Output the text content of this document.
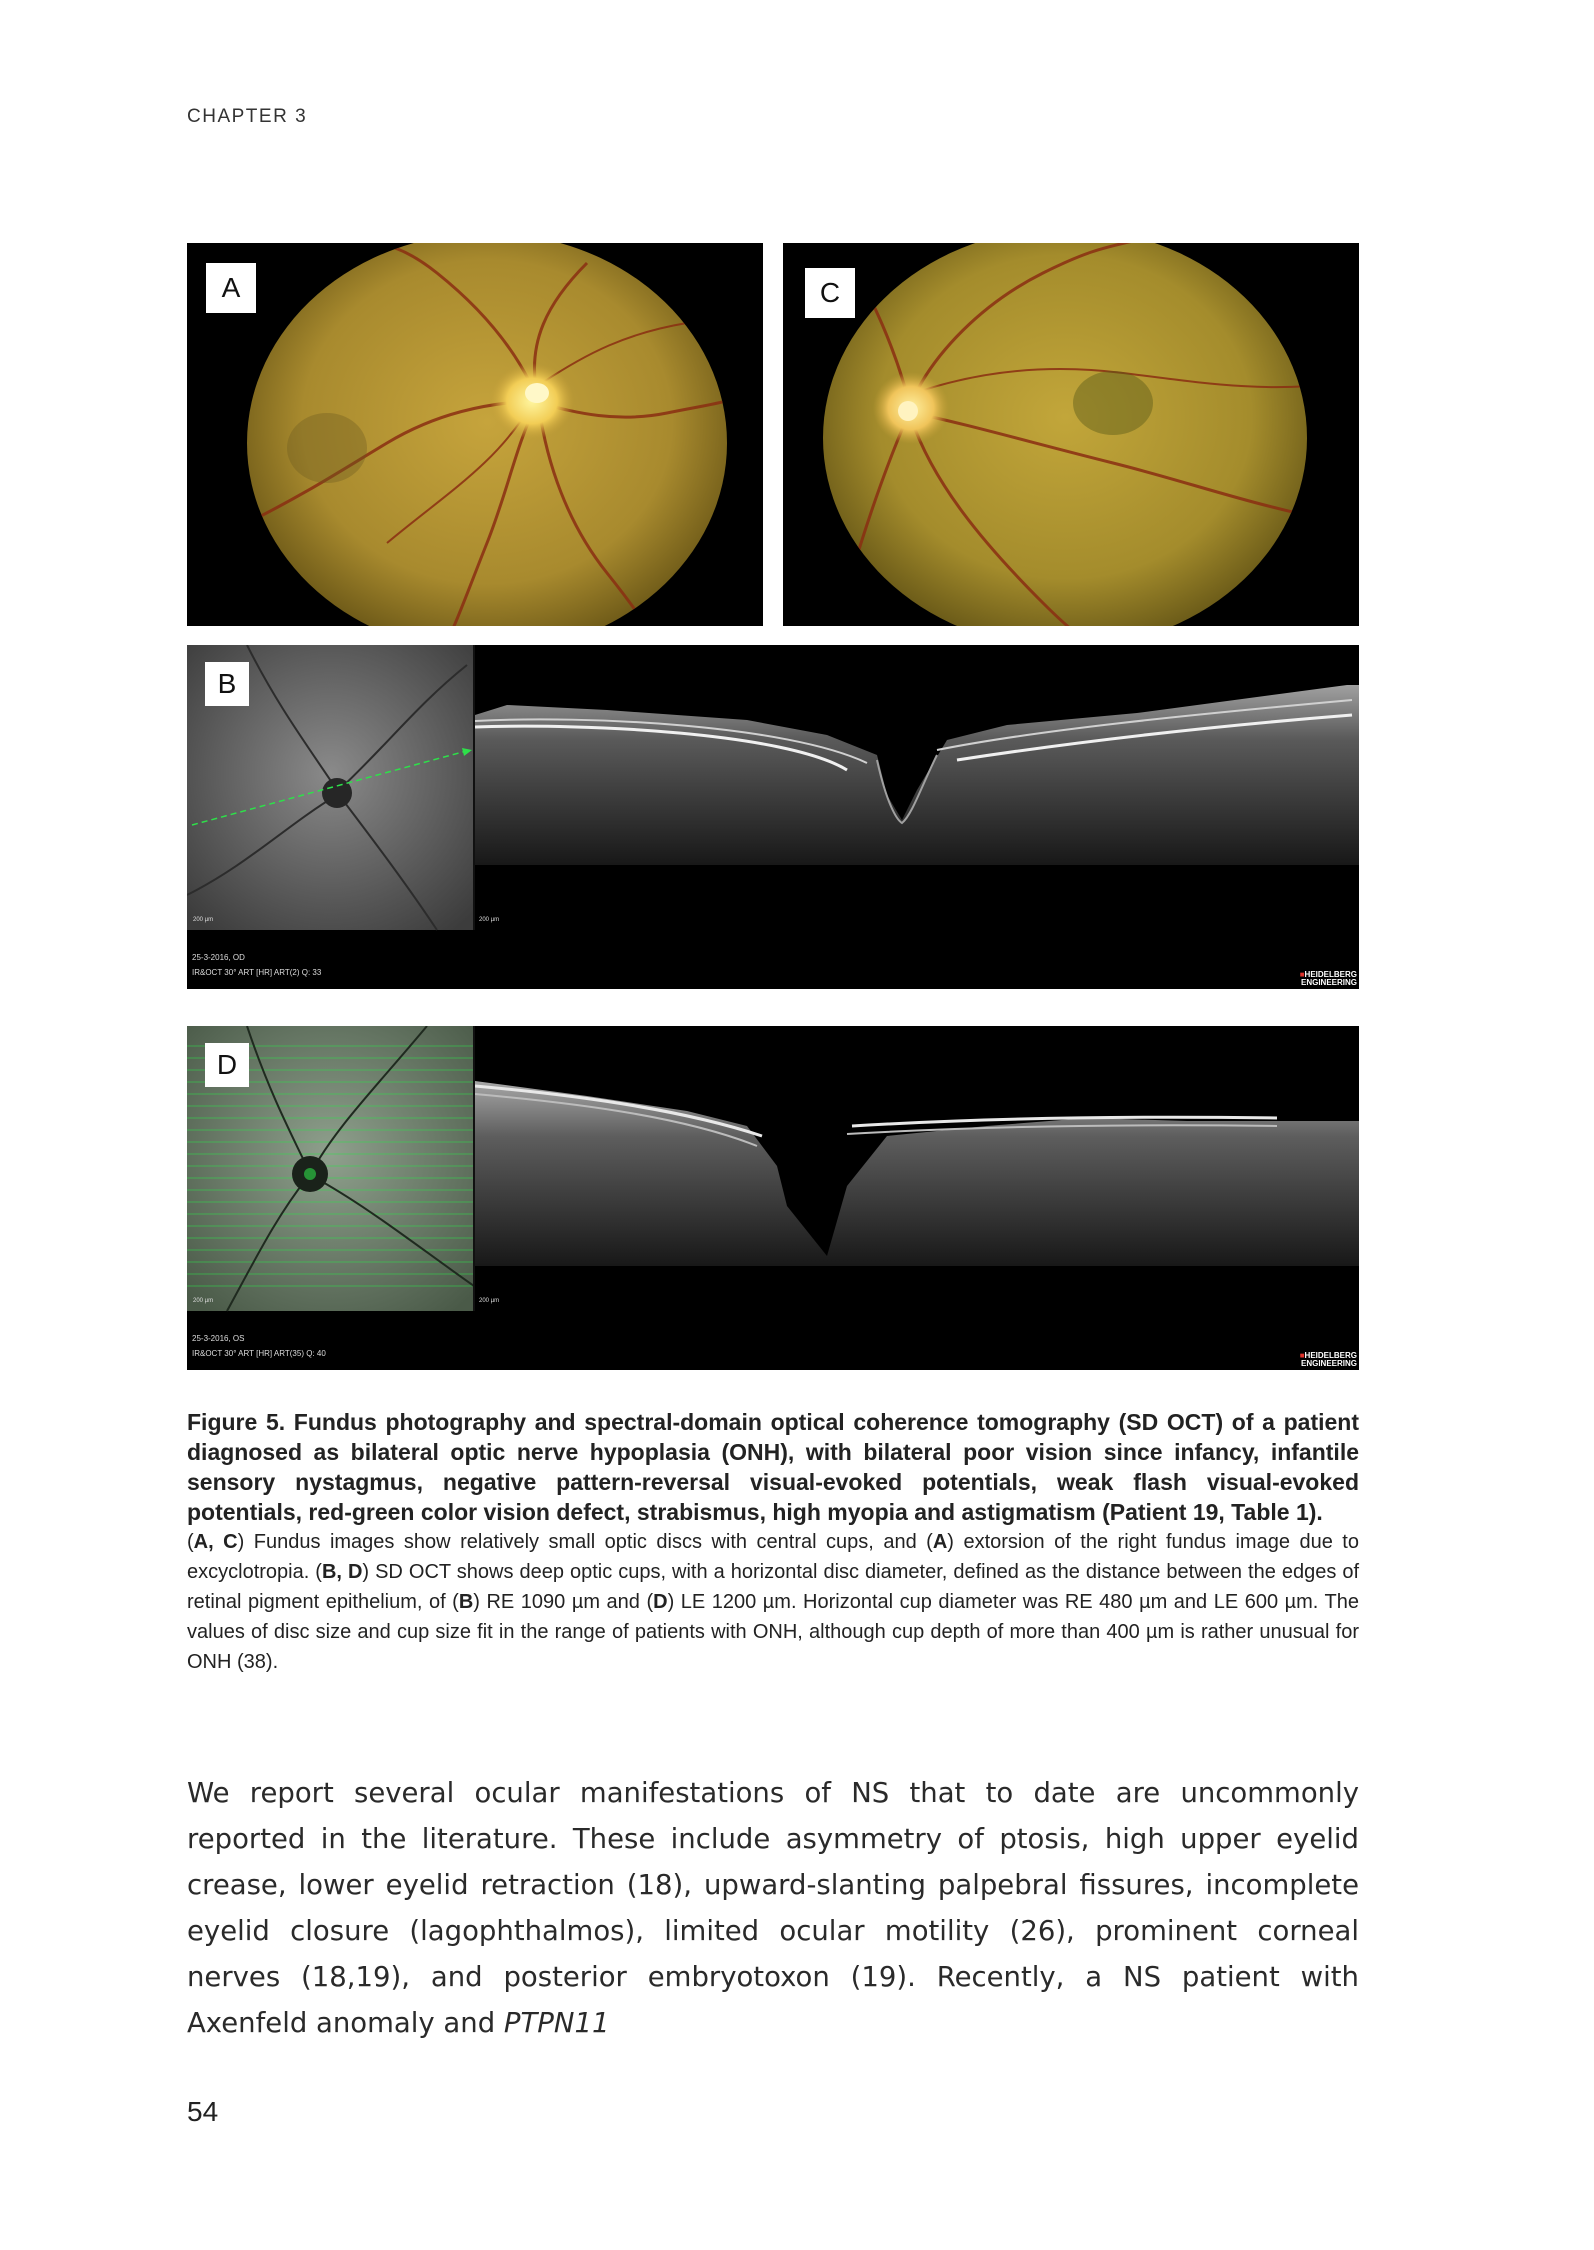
CHAPTER 3
A	C
B
200 µm	200 µm
25-3-2016, OD
IR&OCT 30° ART [HR] ART(2) Q: 33	■HEIDELBERG
ENGINEERING
D
200 µm	200 µm
25-3-2016, OS
IR&OCT 30° ART [HR] ART(35) Q: 40	■HEIDELBERG
ENGINEERING
Figure 5. Fundus photography and spectral-domain optical coherence tomography (SD OCT) of a patient diagnosed as bilateral optic nerve hypoplasia (ONH), with bilateral poor vision since infancy, infantile sensory nystagmus, negative pattern-reversal visual-evoked potentials, weak flash visual-evoked potentials, red-green color vision defect, strabismus, high myopia and astigmatism (Patient 19, Table 1).
(A, C) Fundus images show relatively small optic discs with central cups, and (A) extorsion of the right fundus image due to excyclotropia. (B, D) SD OCT shows deep optic cups, with a horizontal disc diameter, defined as the distance between the edges of retinal pigment epithelium, of (B) RE 1090 µm and (D) LE 1200 µm. Horizontal cup diameter was RE 480 µm and LE 600 µm. The values of disc size and cup size fit in the range of patients with ONH, although cup depth of more than 400 µm is rather unusual for ONH (38).
We report several ocular manifestations of NS that to date are uncommonly reported in the literature. These include asymmetry of ptosis, high upper eyelid crease, lower eyelid retraction (18), upward-slanting palpebral fissures, incomplete eyelid closure (lagophthalmos), limited ocular motility (26), prominent corneal nerves (18,19), and posterior embryotoxon (19). Recently, a NS patient with Axenfeld anomaly and PTPN11
54
